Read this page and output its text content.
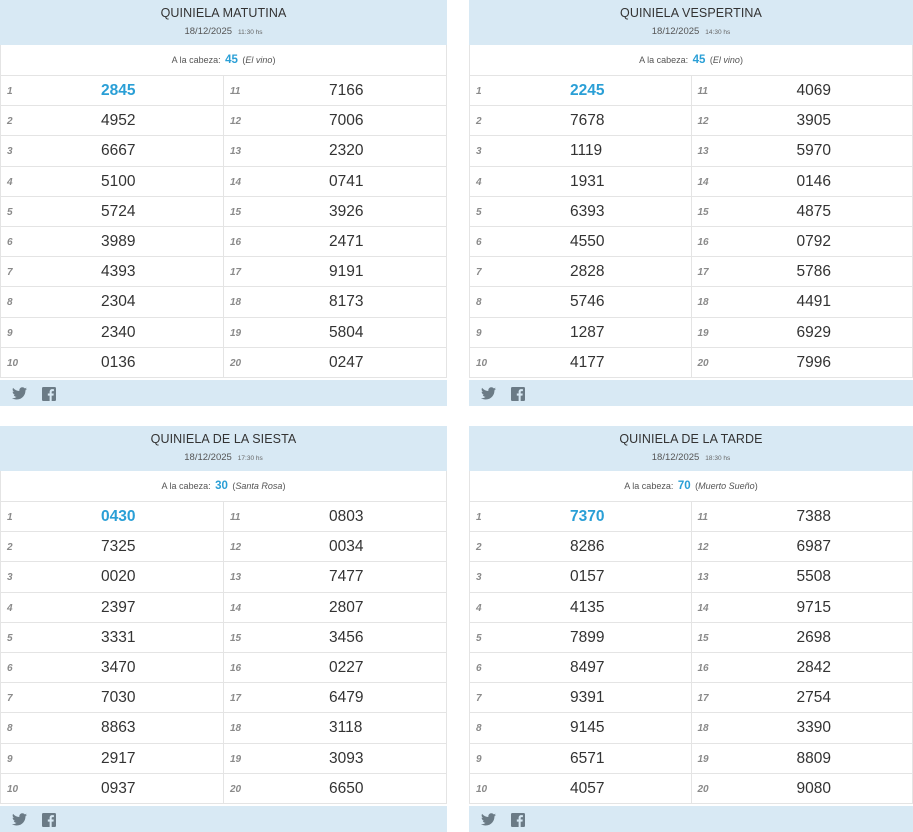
QUINIELA MATUTINA
18/12/2025 11:30 hs
A la cabeza: 45 (El vino)
1	2845	11	7166
2	4952	12	7006
3	6667	13	2320
4	5100	14	0741
5	5724	15	3926
6	3989	16	2471
7	4393	17	9191
8	2304	18	8173
9	2340	19	5804
10	0136	20	0247
QUINIELA VESPERTINA
18/12/2025 14:30 hs
A la cabeza: 45 (El vino)
1	2245	11	4069
2	7678	12	3905
3	1119	13	5970
4	1931	14	0146
5	6393	15	4875
6	4550	16	0792
7	2828	17	5786
8	5746	18	4491
9	1287	19	6929
10	4177	20	7996
QUINIELA DE LA SIESTA
18/12/2025 17:30 hs
A la cabeza: 30 (Santa Rosa)
1	0430	11	0803
2	7325	12	0034
3	0020	13	7477
4	2397	14	2807
5	3331	15	3456
6	3470	16	0227
7	7030	17	6479
8	8863	18	3118
9	2917	19	3093
10	0937	20	6650
QUINIELA DE LA TARDE
18/12/2025 18:30 hs
A la cabeza: 70 (Muerto Sueño)
1	7370	11	7388
2	8286	12	6987
3	0157	13	5508
4	4135	14	9715
5	7899	15	2698
6	8497	16	2842
7	9391	17	2754
8	9145	18	3390
9	6571	19	8809
10	4057	20	9080
